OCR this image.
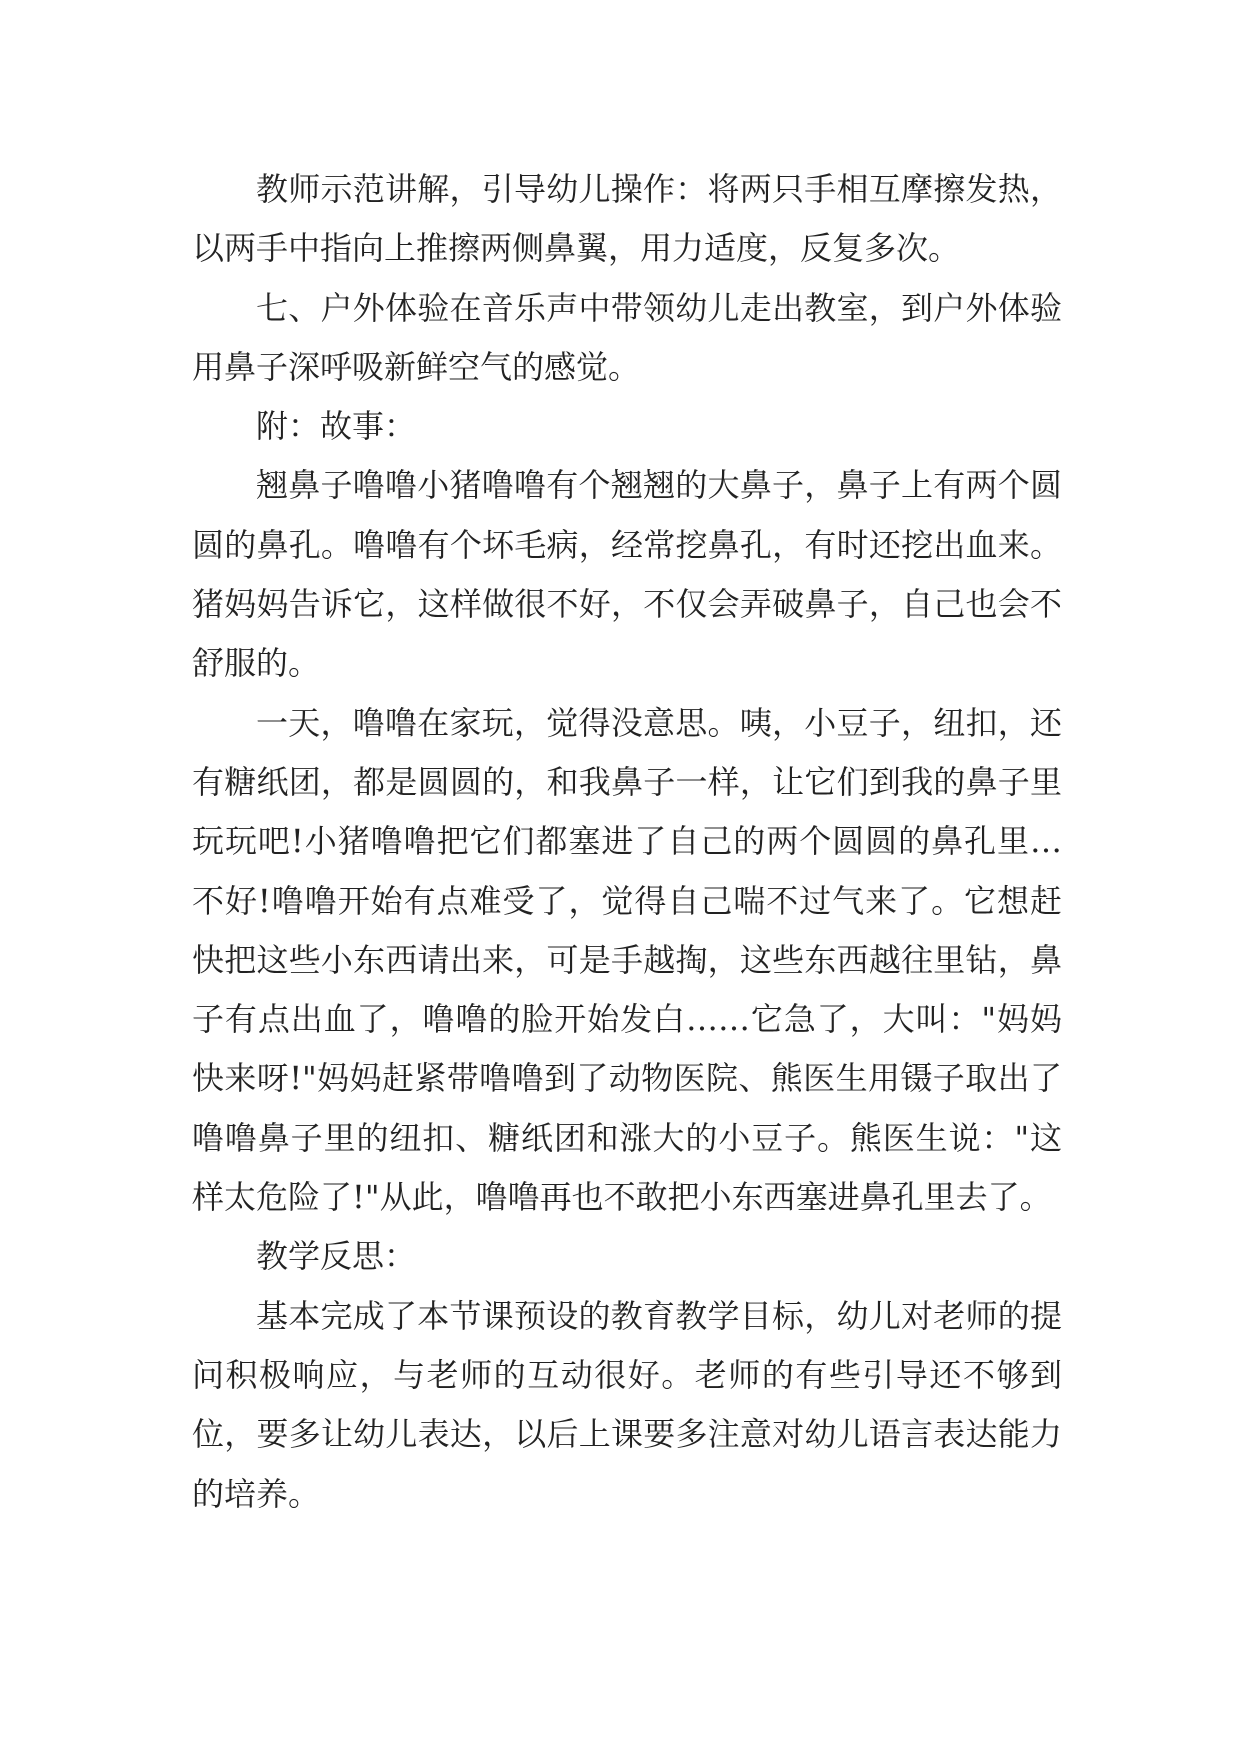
教师示范讲解，引导幼儿操作：将两只手相互摩擦发热，以两手中指向上推擦两侧鼻翼，用力适度，反复多次。

七、户外体验在音乐声中带领幼儿走出教室，到户外体验用鼻子深呼吸新鲜空气的感觉。

附：故事：

翘鼻子噜噜小猪噜噜有个翘翘的大鼻子，鼻子上有两个圆圆的鼻孔。噜噜有个坏毛病，经常挖鼻孔，有时还挖出血来。猪妈妈告诉它，这样做很不好，不仅会弄破鼻子，自己也会不舒服的。

一天，噜噜在家玩，觉得没意思。咦，小豆子，纽扣，还有糖纸团，都是圆圆的，和我鼻子一样，让它们到我的鼻子里玩玩吧!小猪噜噜把它们都塞进了自己的两个圆圆的鼻孔里…不好!噜噜开始有点难受了，觉得自己喘不过气来了。它想赶快把这些小东西请出来，可是手越掏，这些东西越往里钻，鼻子有点出血了，噜噜的脸开始发白……它急了，大叫："妈妈快来呀!"妈妈赶紧带噜噜到了动物医院、熊医生用镊子取出了噜噜鼻子里的纽扣、糖纸团和涨大的小豆子。熊医生说："这样太危险了!"从此，噜噜再也不敢把小东西塞进鼻孔里去了。

教学反思：

基本完成了本节课预设的教育教学目标，幼儿对老师的提问积极响应，与老师的互动很好。老师的有些引导还不够到位，要多让幼儿表达，以后上课要多注意对幼儿语言表达能力的培养。
